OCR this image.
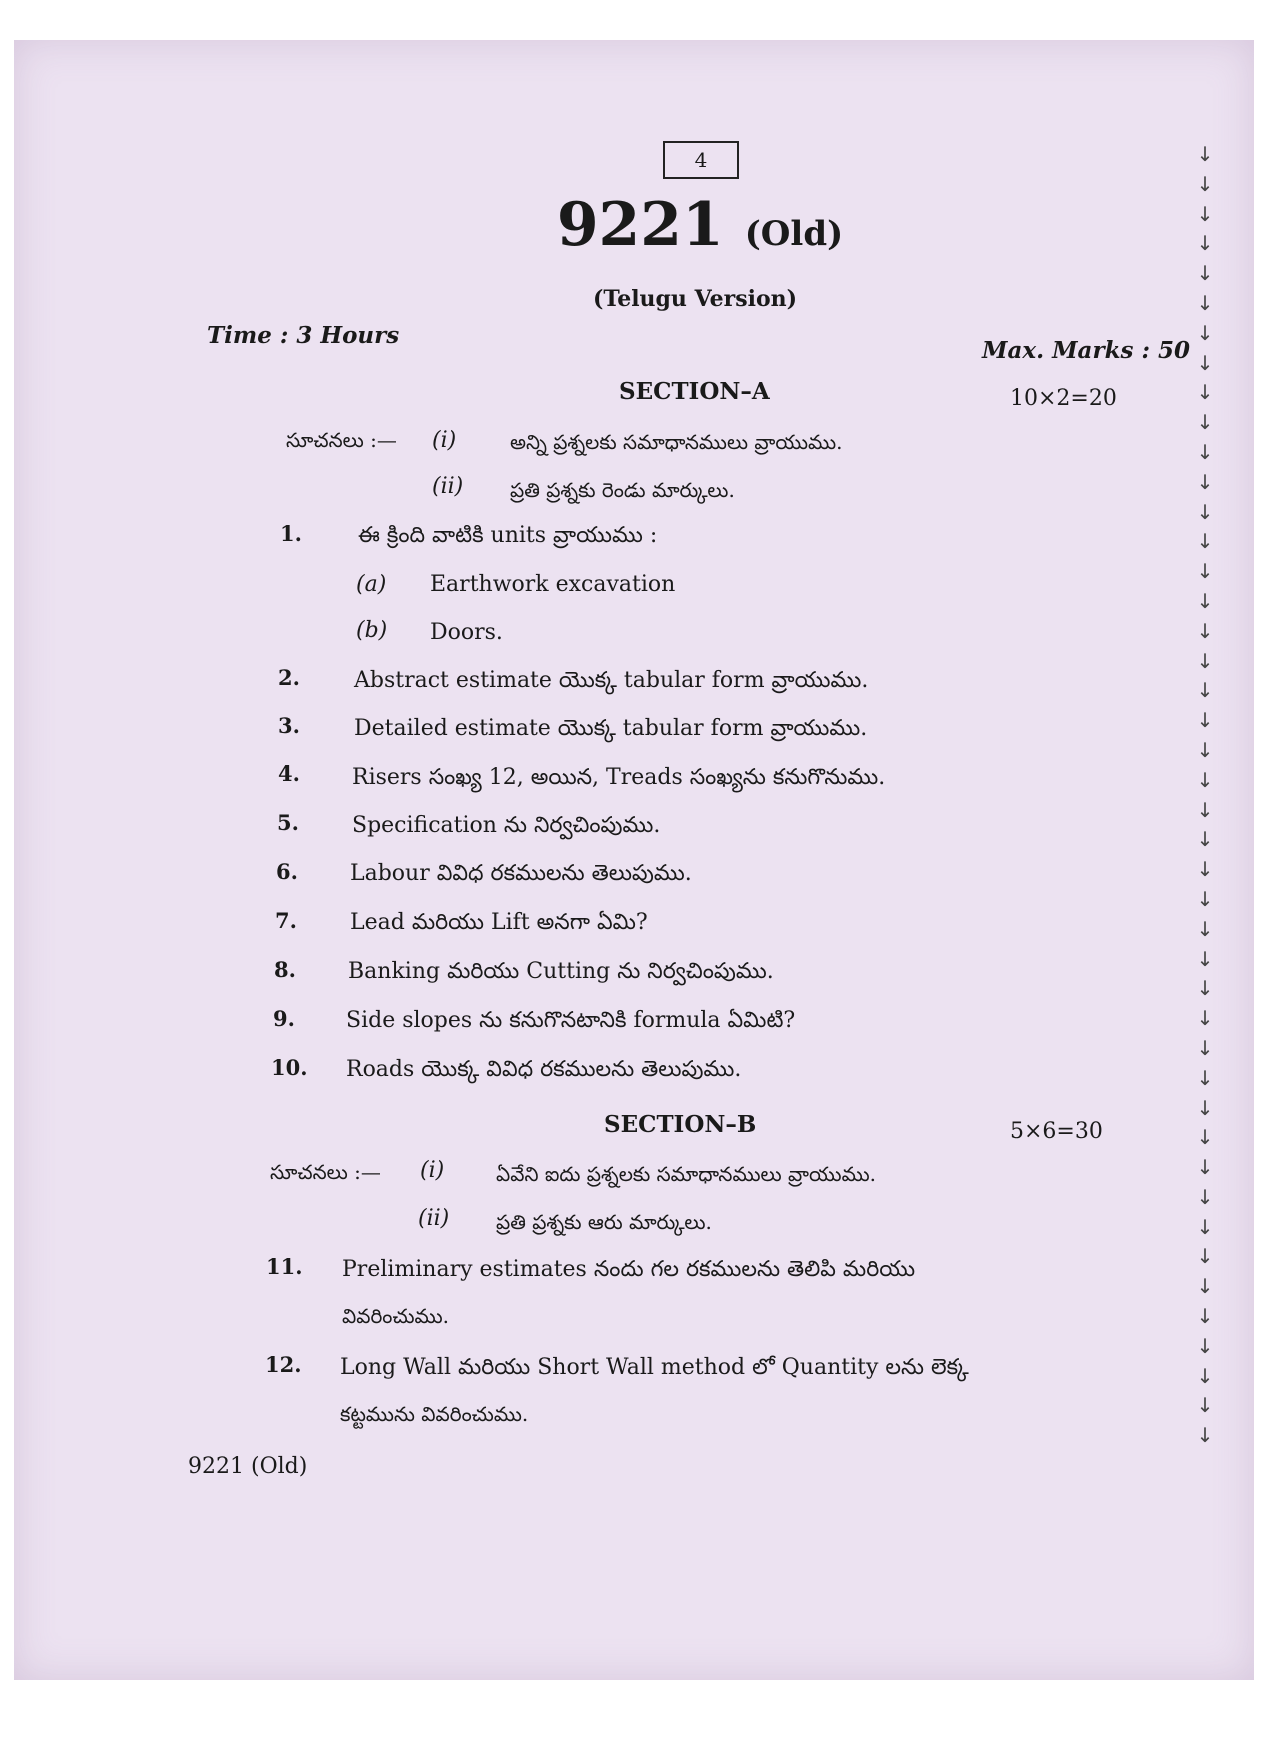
4
9221 (Old)
(Telugu Version)
Time : 3 Hours
Max. Marks : 50
SECTION–A	10×2=20
సూచనలు :— (i)	అన్ని ప్రశ్నలకు సమాధానములు వ్రాయుము.
(ii) ప్రతి ప్రశ్నకు రెండు మార్కులు.
1.	ఈ క్రింది వాటికి units వ్రాయుము :
(a) Earthwork excavation
(b) Doors.
2. Abstract estimate యొక్క tabular form వ్రాయుము.
3. Detailed estimate యొక్క tabular form వ్రాయుము.
4. Risers సంఖ్య 12, అయిన, Treads సంఖ్యను కనుగొనుము.
5. Specification ను నిర్వచింపుము.
6. Labour వివిధ రకములను తెలుపుము.
7. Lead మరియు Lift అనగా ఏమి?
8. Banking మరియు Cutting ను నిర్వచింపుము.
9. Side slopes ను కనుగొనటానికి formula ఏమిటి?
10. Roads యొక్క వివిధ రకములను తెలుపుము.
SECTION–B	5×6=30
సూచనలు :— (i)	ఏవేని ఐదు ప్రశ్నలకు సమాధానములు వ్రాయుము.
(ii) ప్రతి ప్రశ్నకు ఆరు మార్కులు.
11. Preliminary estimates నందు గల రకములను తెలిపి మరియు
వివరించుము.
12. Long Wall మరియు Short Wall method లో Quantity లను లెక్క
కట్టమును వివరించుము.
9221 (Old)
↓
↓
↓
↓
↓
↓
↓
↓
↓
↓
↓
↓
↓
↓
↓
↓
↓
↓
↓
↓
↓
↓
↓
↓
↓
↓
↓
↓
↓
↓
↓
↓
↓
↓
↓
↓
↓
↓
↓
↓
↓
↓
↓
↓
